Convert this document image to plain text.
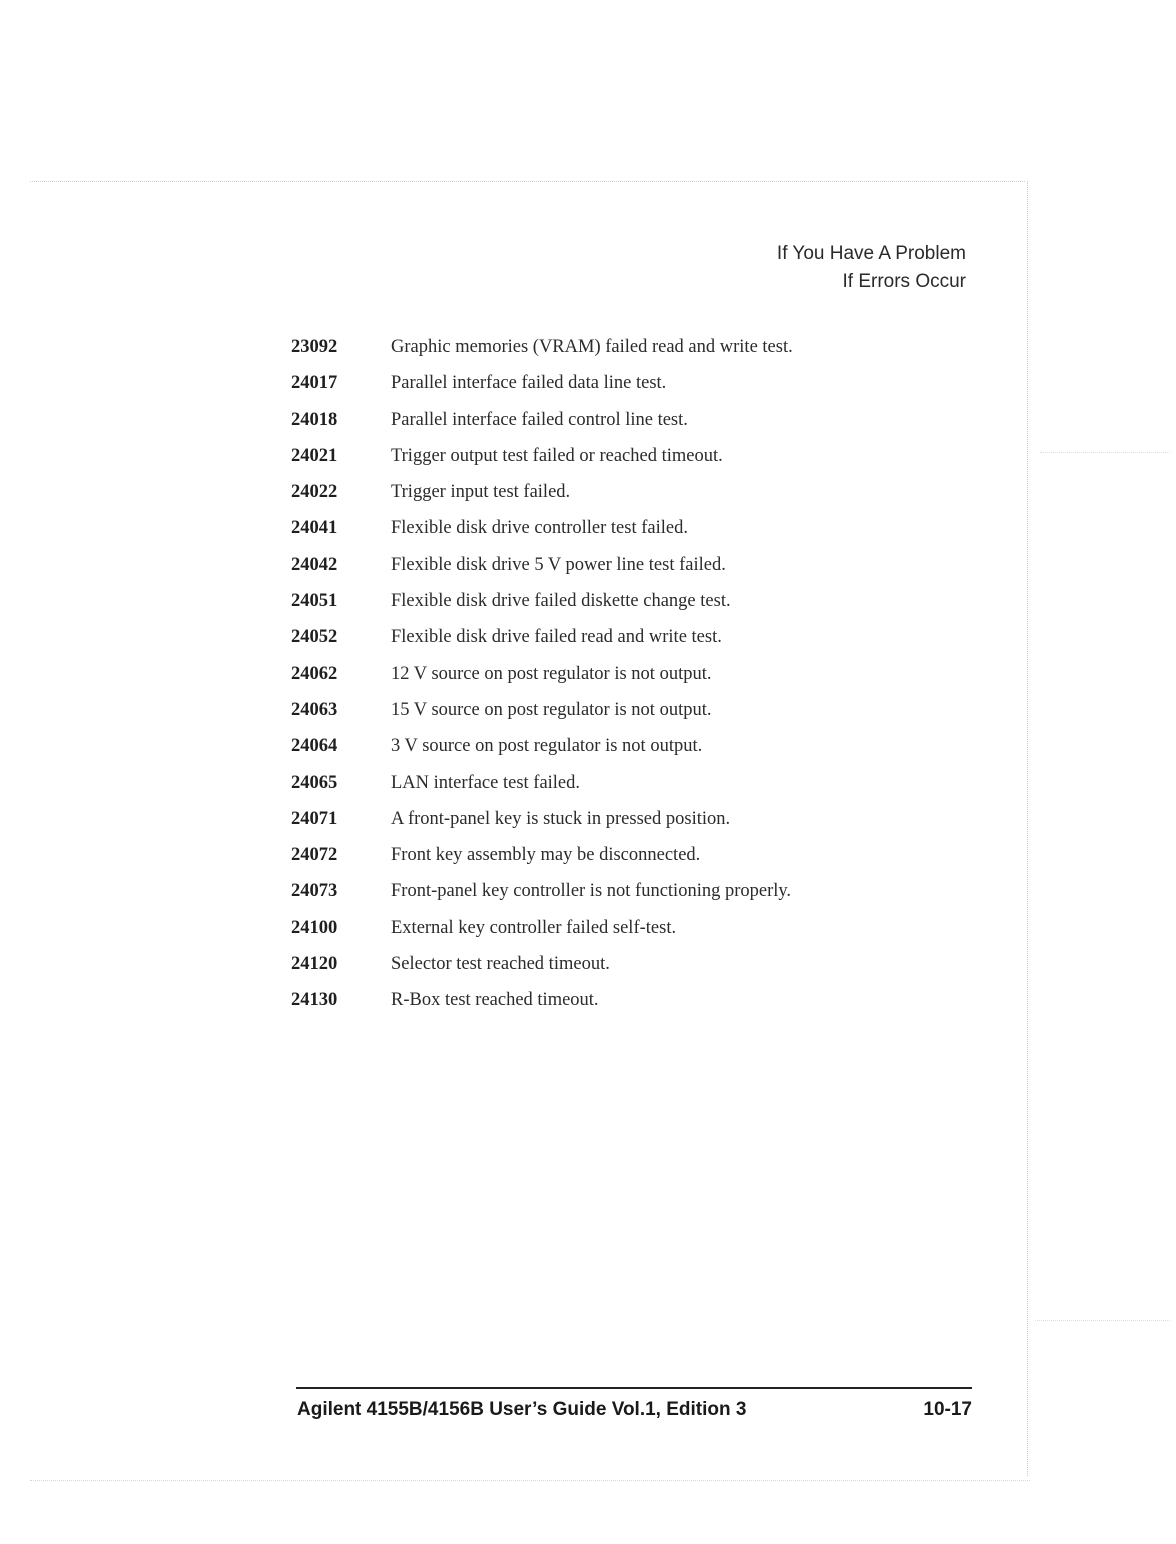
If You Have A Problem
If Errors Occur
23092	Graphic memories (VRAM) failed read and write test.
24017	Parallel interface failed data line test.
24018	Parallel interface failed control line test.
24021	Trigger output test failed or reached timeout.
24022	Trigger input test failed.
24041	Flexible disk drive controller test failed.
24042	Flexible disk drive 5 V power line test failed.
24051	Flexible disk drive failed diskette change test.
24052	Flexible disk drive failed read and write test.
24062	12 V source on post regulator is not output.
24063	15 V source on post regulator is not output.
24064	3 V source on post regulator is not output.
24065	LAN interface test failed.
24071	A front-panel key is stuck in pressed position.
24072	Front key assembly may be disconnected.
24073	Front-panel key controller is not functioning properly.
24100	External key controller failed self-test.
24120	Selector test reached timeout.
24130	R-Box test reached timeout.
Agilent 4155B/4156B User’s Guide Vol.1, Edition 3	10-17
